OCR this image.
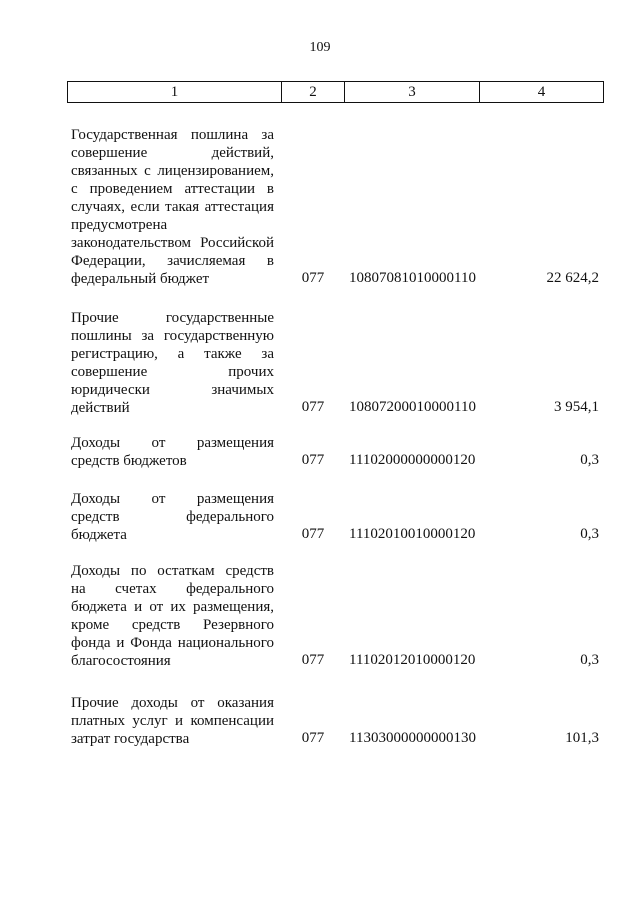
109
1	2	3	4
Государственная пошлина за
совершение действий,
связанных с лицензированием,
с проведением аттестации в
случаях, если такая аттестация
предусмотрена
законодательством Российской
Федерации, зачисляемая в
федеральный бюджет	077 10807081010000110	22 624,2
Прочие государственные
пошлины за государственную
регистрацию, а также за
совершение прочих
юридически значимых
действий	077 10807200010000110	3 954,1
Доходы от размещения
средств бюджетов	077 11102000000000120	0,3
Доходы от размещения
средств федерального
бюджета	077 11102010010000120	0,3
Доходы по остаткам средств
на счетах федерального
бюджета и от их размещения,
кроме средств Резервного
фонда и Фонда национального
благосостояния	077 11102012010000120	0,3
Прочие доходы от оказания
платных услуг и компенсации
затрат государства	077 11303000000000130	101,3
